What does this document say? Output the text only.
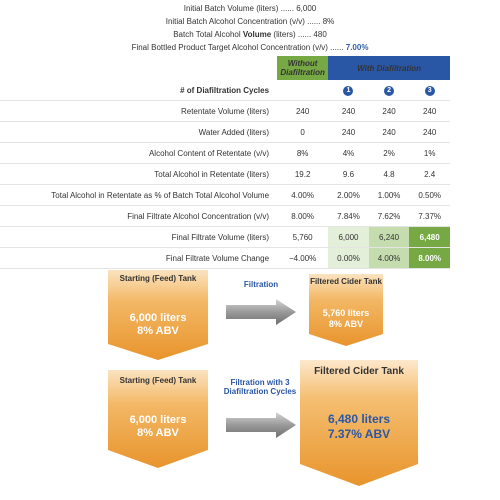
Initial Batch Volume (liters) ...... 6,000
Initial Batch Alcohol Concentration (v/v) ...... 8%
Batch Total Alcohol Volume (liters) ...... 480
Final Bottled Product Target Alcohol Concentration (v/v) ...... 7.00%
	Without Diafiltration	With Diafiltration		
# of Diafiltration Cycles		1	2	3
Retentate Volume (liters)	240	240	240	240
Water Added (liters)	0	240	240	240
Alcohol Content of Retentate (v/v)	8%	4%	2%	1%
Total Alcohol in Retentate (liters)	19.2	9.6	4.8	2.4
Total Alcohol in Retentate as % of Batch Total Alcohol Volume	4.00%	2.00%	1.00%	0.50%
Final Filtrate Alcohol Concentration (v/v)	8.00%	7.84%	7.62%	7.37%
Final Filtrate Volume (liters)	5,760	6,000	6,240	6,480
Final Filtrate Volume Change	−4.00%	0.00%	4.00%	8.00%
Starting (Feed) Tank
6,000 liters
8% ABV
Filtration	Filtered Cider Tank
5,760 liters
8% ABV
Starting (Feed) Tank
6,000 liters
8% ABV
Filtration with 3 Diafiltration Cycles
Filtered Cider Tank
6,480 liters
7.37% ABV
